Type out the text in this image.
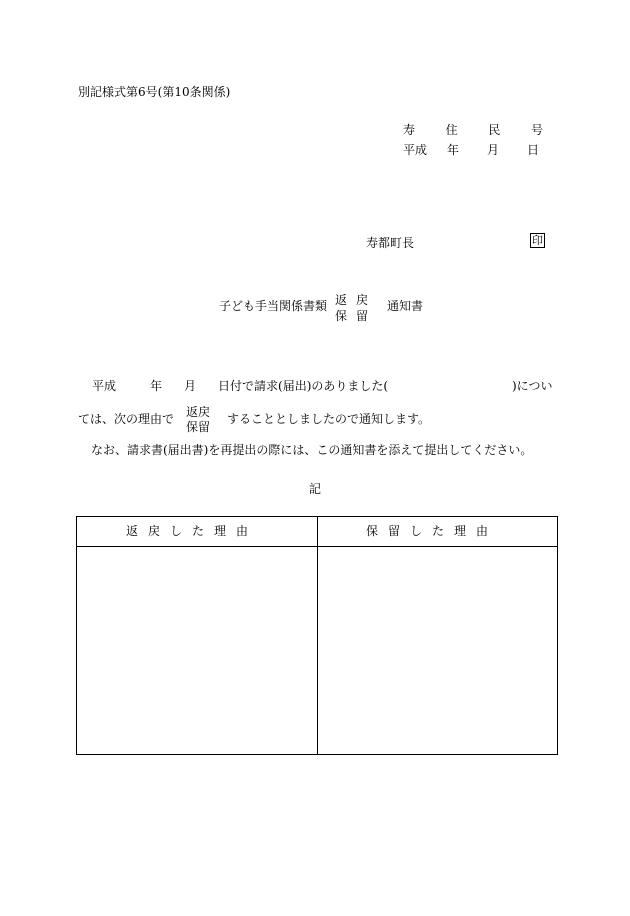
別記様式第6号(第10条関係)
寿	住	民	号
平成 年 月 日
寿都町長	印
子ども手当関係書類 返戻
保留
通知書
平成	年 月 日付で請求(届出)のありました(	)につい
ては、次の理由で 返戻
保留
することとしましたので通知します。
なお、請求書(届出書)を再提出の際には、この通知書を添えて提出してください。
記
返戻した理由	保留した理由
